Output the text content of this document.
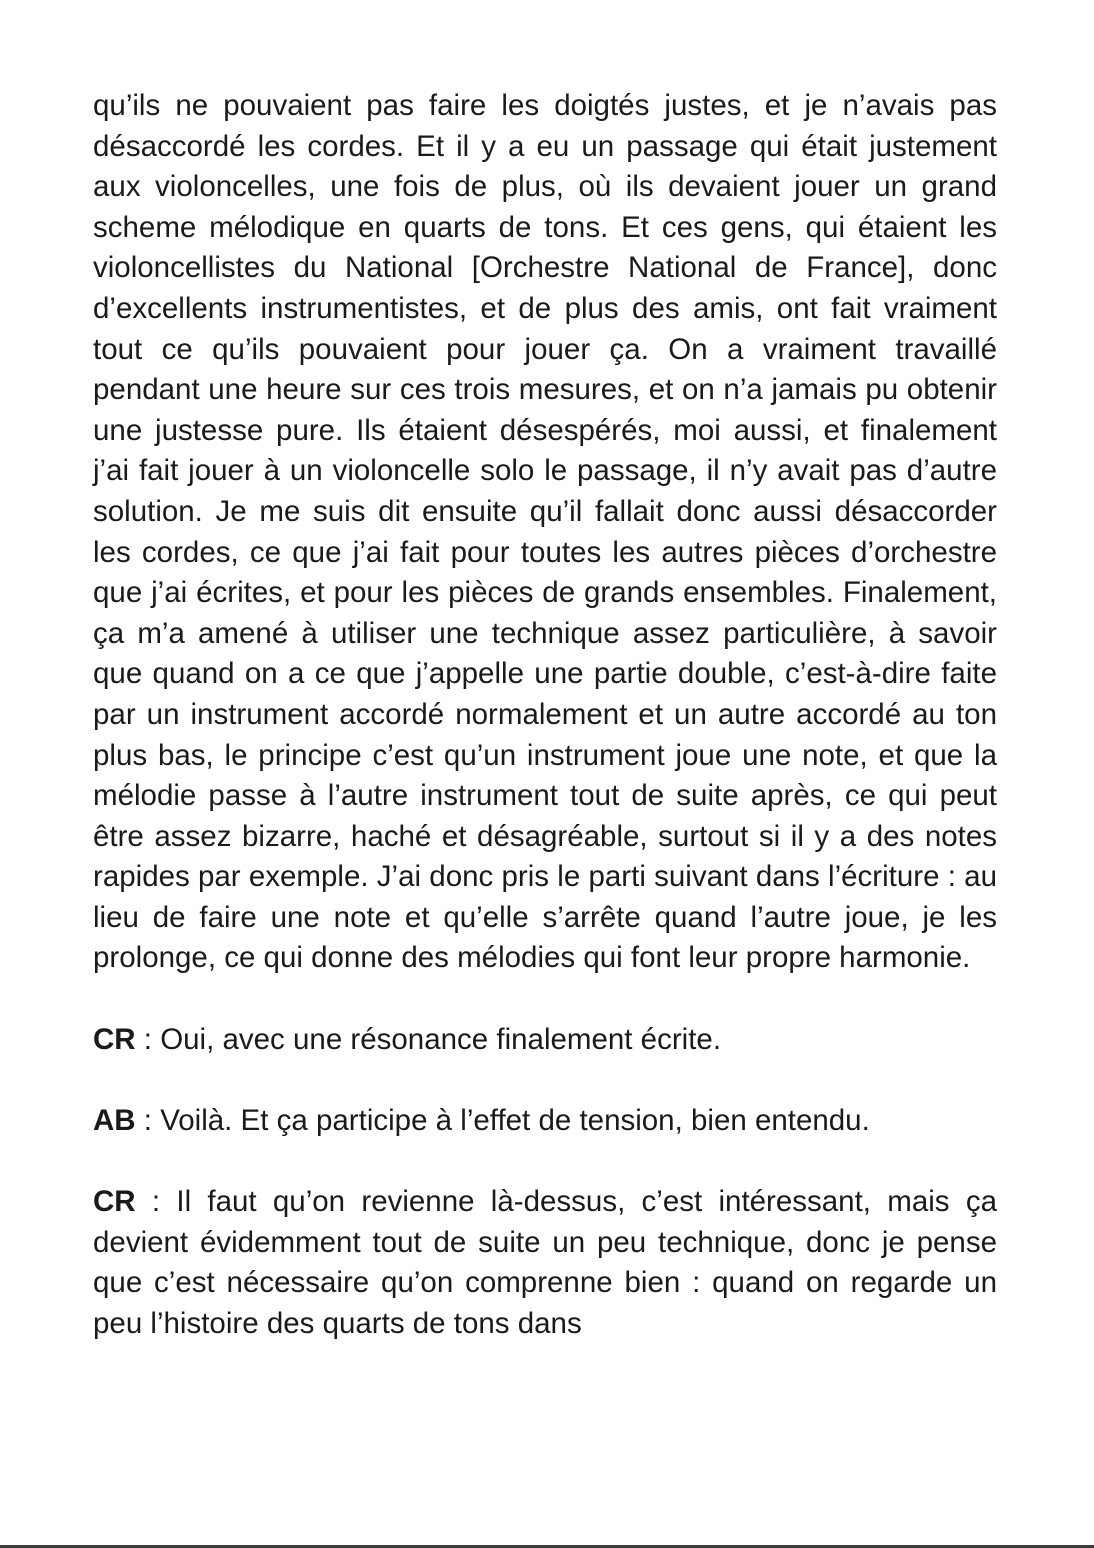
qu’ils ne pouvaient pas faire les doigtés justes, et je n’avais pas désaccordé les cordes. Et il y a eu un passage qui était justement aux violoncelles, une fois de plus, où ils devaient jouer un grand scheme mélodique en quarts de tons. Et ces gens, qui étaient les violoncellistes du National [Orchestre National de France], donc d’excellents instrumentistes, et de plus des amis, ont fait vraiment tout ce qu’ils pouvaient pour jouer ça. On a vraiment travaillé pendant une heure sur ces trois mesures, et on n’a jamais pu obtenir une justesse pure. Ils étaient désespérés, moi aussi, et finalement j’ai fait jouer à un violoncelle solo le passage, il n’y avait pas d’autre solution. Je me suis dit ensuite qu’il fallait donc aussi désaccorder les cordes, ce que j’ai fait pour toutes les autres pièces d’orchestre que j’ai écrites, et pour les pièces de grands ensembles. Finalement, ça m’a amené à utiliser une technique assez particulière, à savoir que quand on a ce que j’appelle une partie double, c’est-à-dire faite par un instrument accordé normalement et un autre accordé au ton plus bas, le principe c’est qu’un instrument joue une note, et que la mélodie passe à l’autre instrument tout de suite après, ce qui peut être assez bizarre, haché et désagréable, surtout si il y a des notes rapides par exemple. J’ai donc pris le parti suivant dans l’écriture : au lieu de faire une note et qu’elle s’arrête quand l’autre joue, je les prolonge, ce qui donne des mélodies qui font leur propre harmonie.

CR : Oui, avec une résonance finalement écrite.

AB : Voilà. Et ça participe à l’effet de tension, bien entendu.

CR : Il faut qu’on revienne là-dessus, c’est intéressant, mais ça devient évidemment tout de suite un peu technique, donc je pense que c’est nécessaire qu’on comprenne bien : quand on regarde un peu l’histoire des quarts de tons dans
